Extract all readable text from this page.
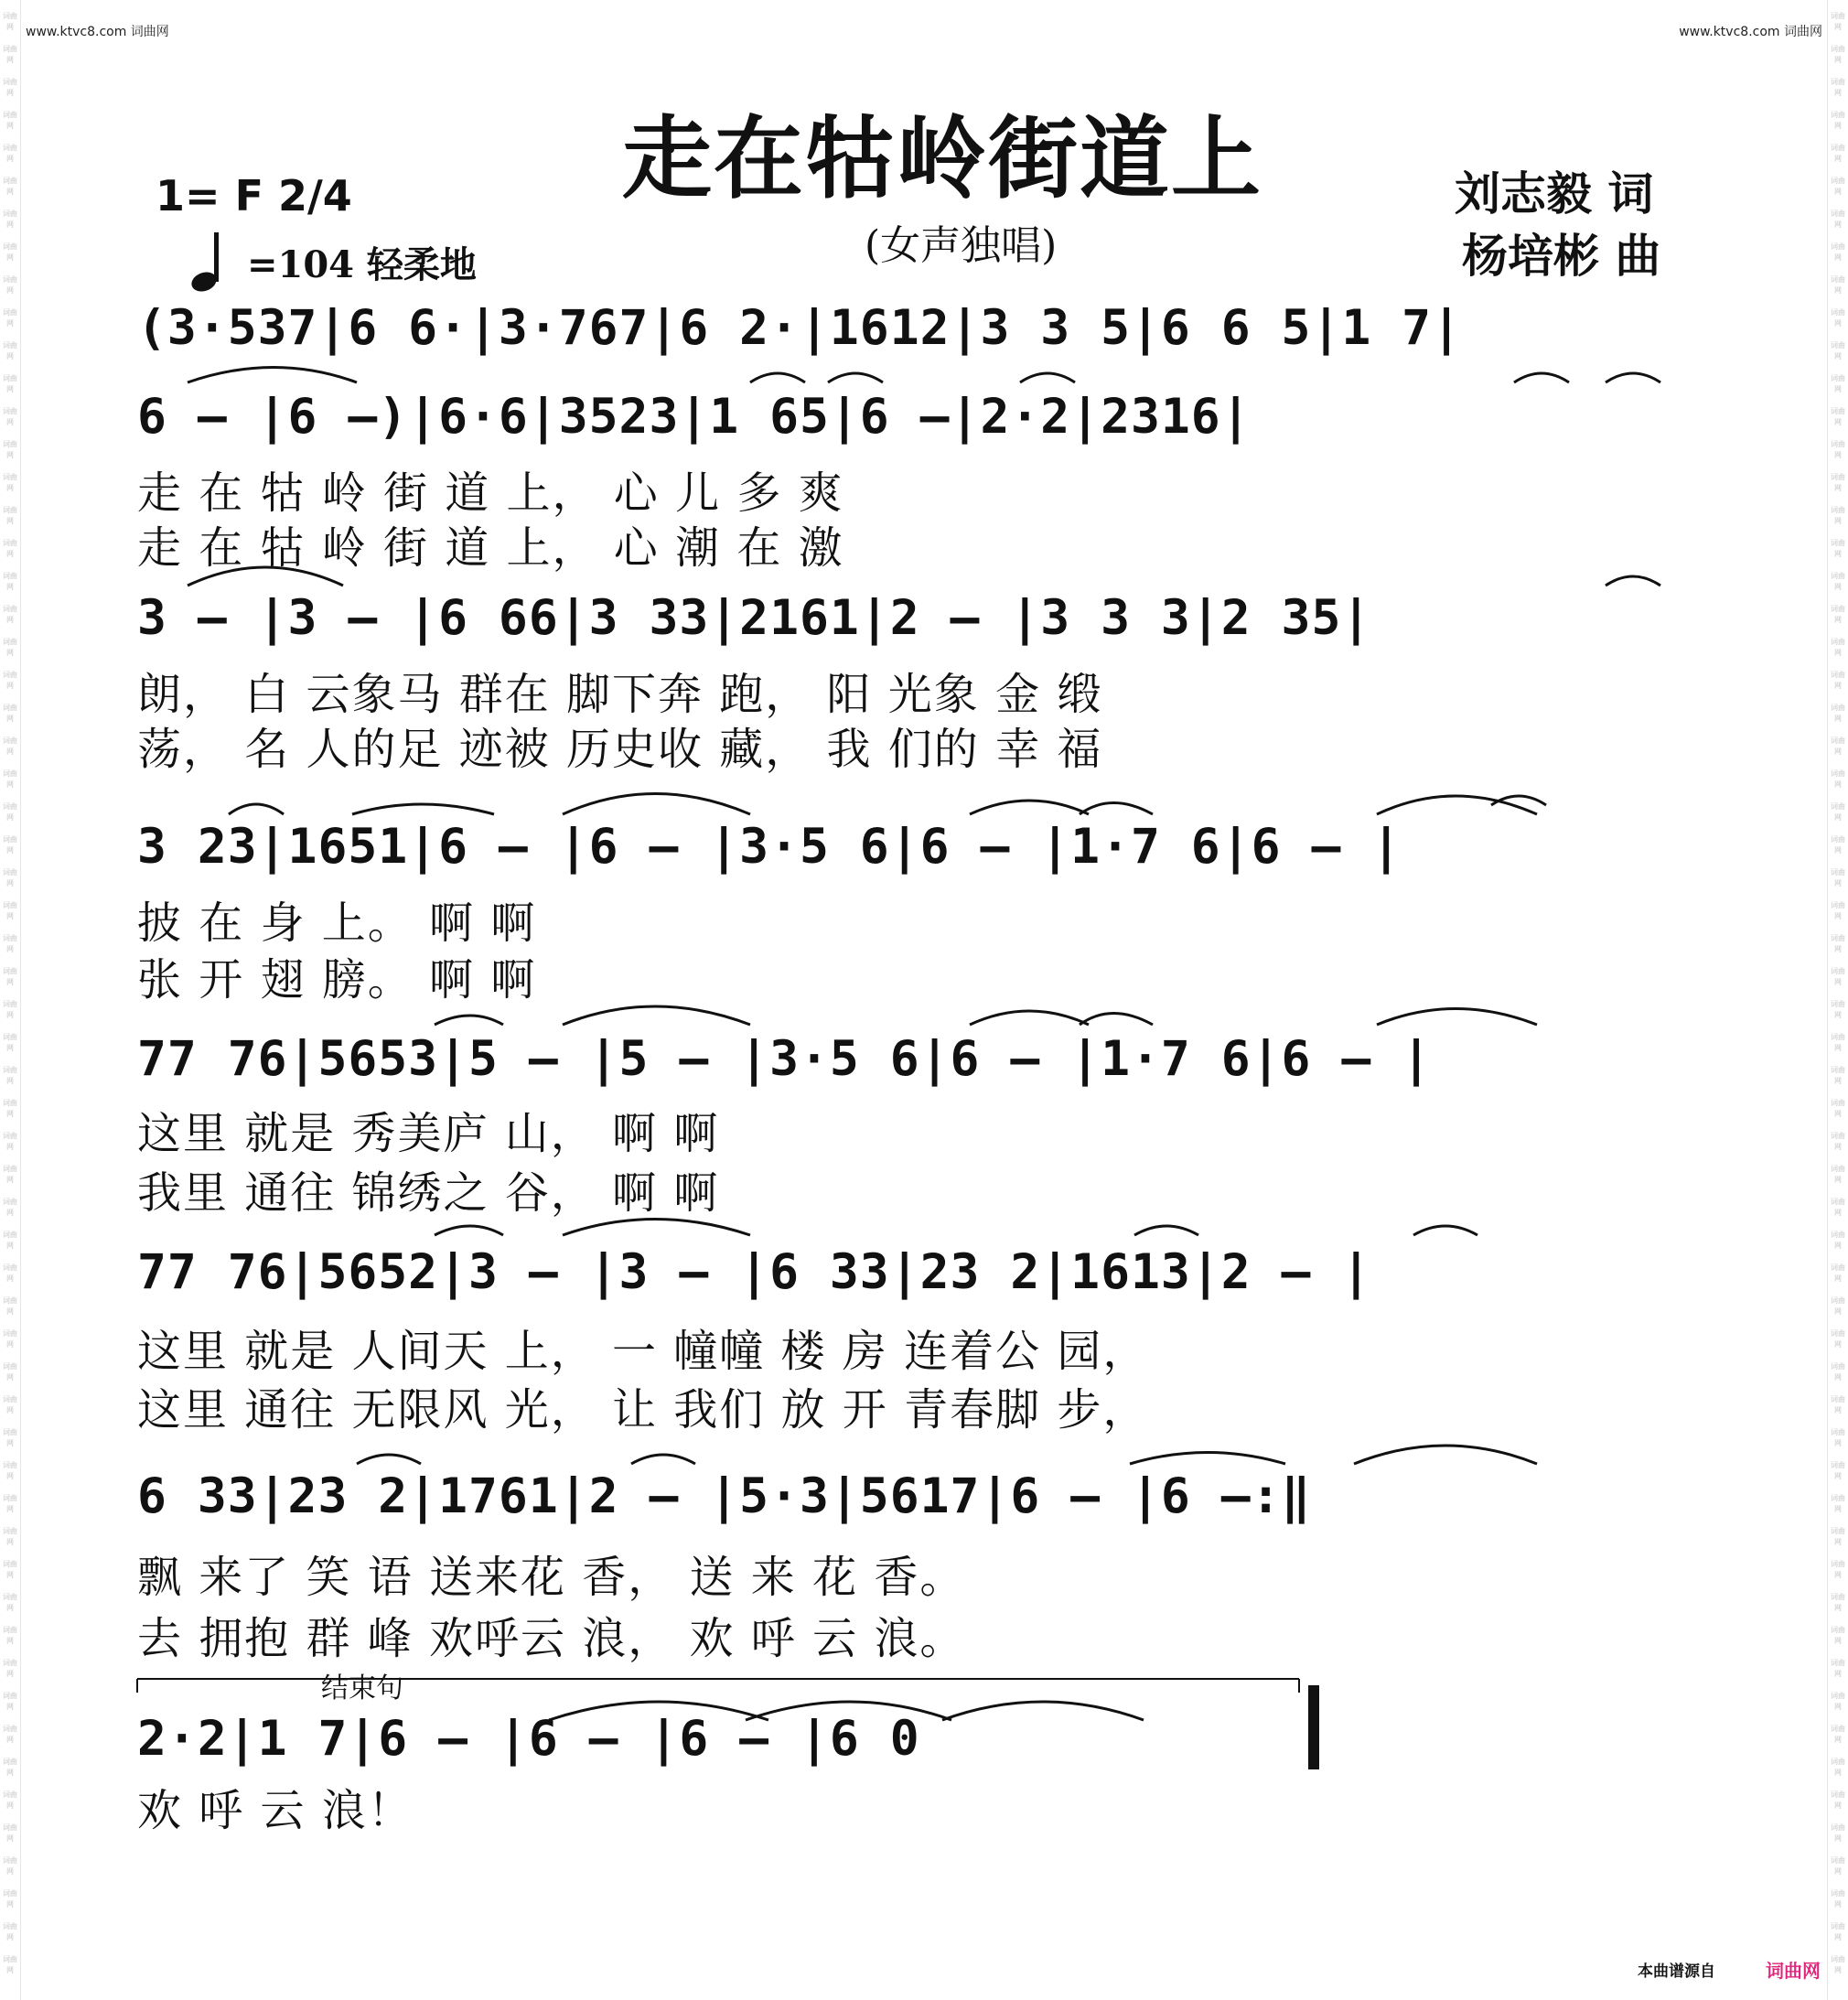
词曲网
词曲网
词曲网
词曲网
词曲网
词曲网
词曲网
词曲网
词曲网
词曲网
词曲网
词曲网
词曲网
词曲网
词曲网
词曲网
词曲网
词曲网
词曲网
词曲网
词曲网
词曲网
词曲网
词曲网
词曲网
词曲网
词曲网
词曲网
词曲网
词曲网
词曲网
词曲网
词曲网
词曲网
词曲网
词曲网
词曲网
词曲网
词曲网
词曲网
词曲网
词曲网
词曲网
词曲网
词曲网
词曲网
词曲网
词曲网
词曲网
词曲网
词曲网
词曲网
词曲网
词曲网
词曲网
词曲网
词曲网
词曲网
词曲网
词曲网
词曲网
词曲网
词曲网
词曲网
词曲网
词曲网
词曲网
词曲网
词曲网
词曲网
词曲网
词曲网
词曲网
词曲网
词曲网
词曲网
词曲网
词曲网
词曲网
词曲网
词曲网
词曲网
词曲网
词曲网
词曲网
词曲网
词曲网
词曲网
词曲网
词曲网
词曲网
词曲网
词曲网
词曲网
词曲网
词曲网
词曲网
词曲网
词曲网
词曲网
词曲网
词曲网
词曲网
词曲网
词曲网
词曲网
词曲网
词曲网
词曲网
词曲网
词曲网
词曲网
词曲网
词曲网
词曲网
词曲网
词曲网
词曲网
词曲网
词曲网
www.ktvc8.com 词曲网	www.ktvc8.com 词曲网
走在牯岭街道上
(女声独唱)
1= F 2/4
=104 轻柔地
刘志毅 词
杨培彬 曲
(3·537|6 6·|3·767|6 2·|1612|3 3 5|6 6 5|1 7|
6 — |6 —)|6·6|3523|1 65|6 —|2·2|2316|
走 在 牯 岭 街 道 上， 心 儿 多 爽
走 在 牯 岭 街 道 上， 心 潮 在 激
3 — |3 — |6 66|3 33|2161|2 — |3 3 3|2 35|
朗， 白 云象马 群在 脚下奔 跑， 阳 光象 金 缎
荡， 名 人的足 迹被 历史收 藏， 我 们的 幸 福
3 23|1651|6 — |6 — |3·5 6|6 — |1·7 6|6 — |
披 在 身 上。 啊 啊
张 开 翅 膀。 啊 啊
77 76|5653|5 — |5 — |3·5 6|6 — |1·7 6|6 — |
这里 就是 秀美庐 山， 啊 啊
我里 通往 锦绣之 谷， 啊 啊
77 76|5652|3 — |3 — |6 33|23 2|1613|2 — |
这里 就是 人间天 上， 一 幢幢 楼 房 连着公 园，
这里 通往 无限风 光， 让 我们 放 开 青春脚 步，
6 33|23 2|1761|2 — |5·3|5617|6 — |6 —:‖
飘 来了 笑 语 送来花 香， 送 来 花 香。
去 拥抱 群 峰 欢呼云 浪， 欢 呼 云 浪。
结束句
2·2|1 7|6 — |6 — |6 — |6 0
欢 呼 云 浪！
本曲谱源自	词曲网
